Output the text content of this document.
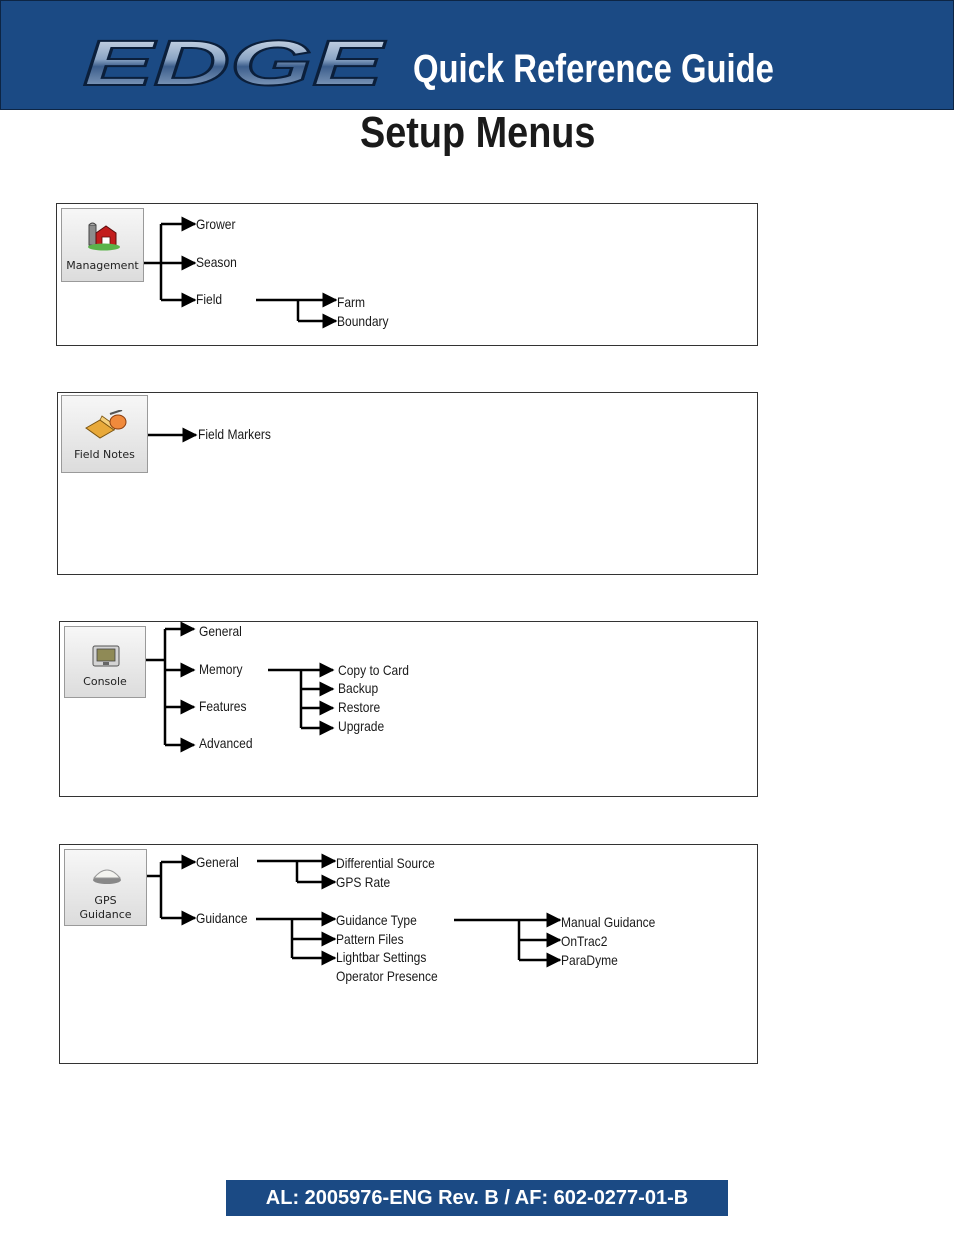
EDGE Quick Reference Guide
Setup Menus
Management
Field Notes
Console
GPS
Guidance
Grower
Season
Field	Farm
Boundary
Field Markers
General
Memory
Features
Advanced
Copy to Card
Backup
Restore
Upgrade
General
Guidance
Differential Source
GPS Rate
Guidance Type
Pattern Files
Lightbar Settings
Operator Presence
Manual Guidance
OnTrac2
ParaDyme
AL: 2005976-ENG Rev. B / AF: 602-0277-01-B
